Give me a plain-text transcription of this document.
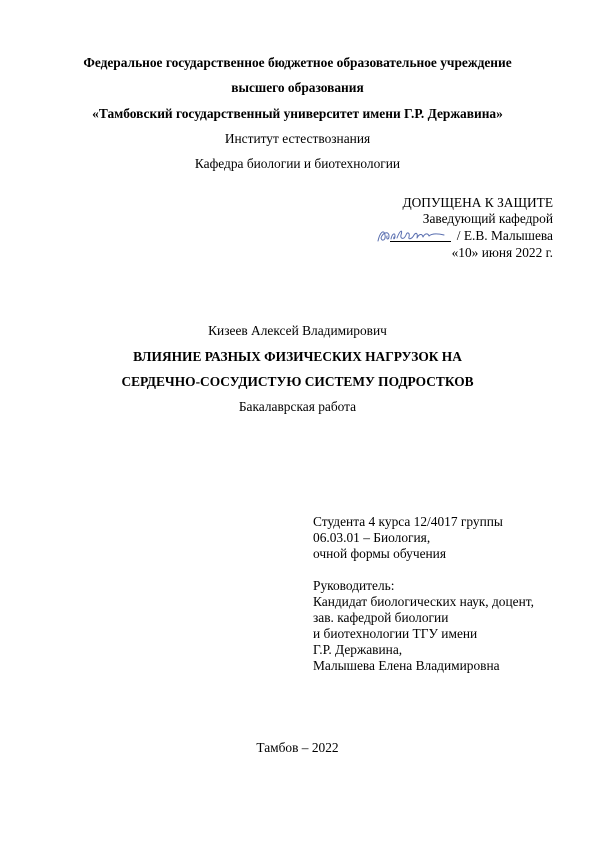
Федеральное государственное бюджетное образовательное учреждение
высшего образования
«Тамбовский государственный университет имени Г.Р. Державина»
Институт естествознания
Кафедра биологии и биотехнологии
ДОПУЩЕНА К ЗАЩИТЕ
Заведующий кафедрой
/ Е.В. Малышева
«10» июня 2022 г.
Кизеев Алексей Владимирович
ВЛИЯНИЕ РАЗНЫХ ФИЗИЧЕСКИХ НАГРУЗОК НА
СЕРДЕЧНО-СОСУДИСТУЮ СИСТЕМУ ПОДРОСТКОВ
Бакалаврская работа
Студента 4 курса 12/4017 группы
06.03.01 – Биология,
очной формы обучения
Руководитель:
Кандидат биологических наук, доцент,
зав. кафедрой биологии
и биотехнологии ТГУ имени
Г.Р. Державина,
Малышева Елена Владимировна
Тамбов – 2022
